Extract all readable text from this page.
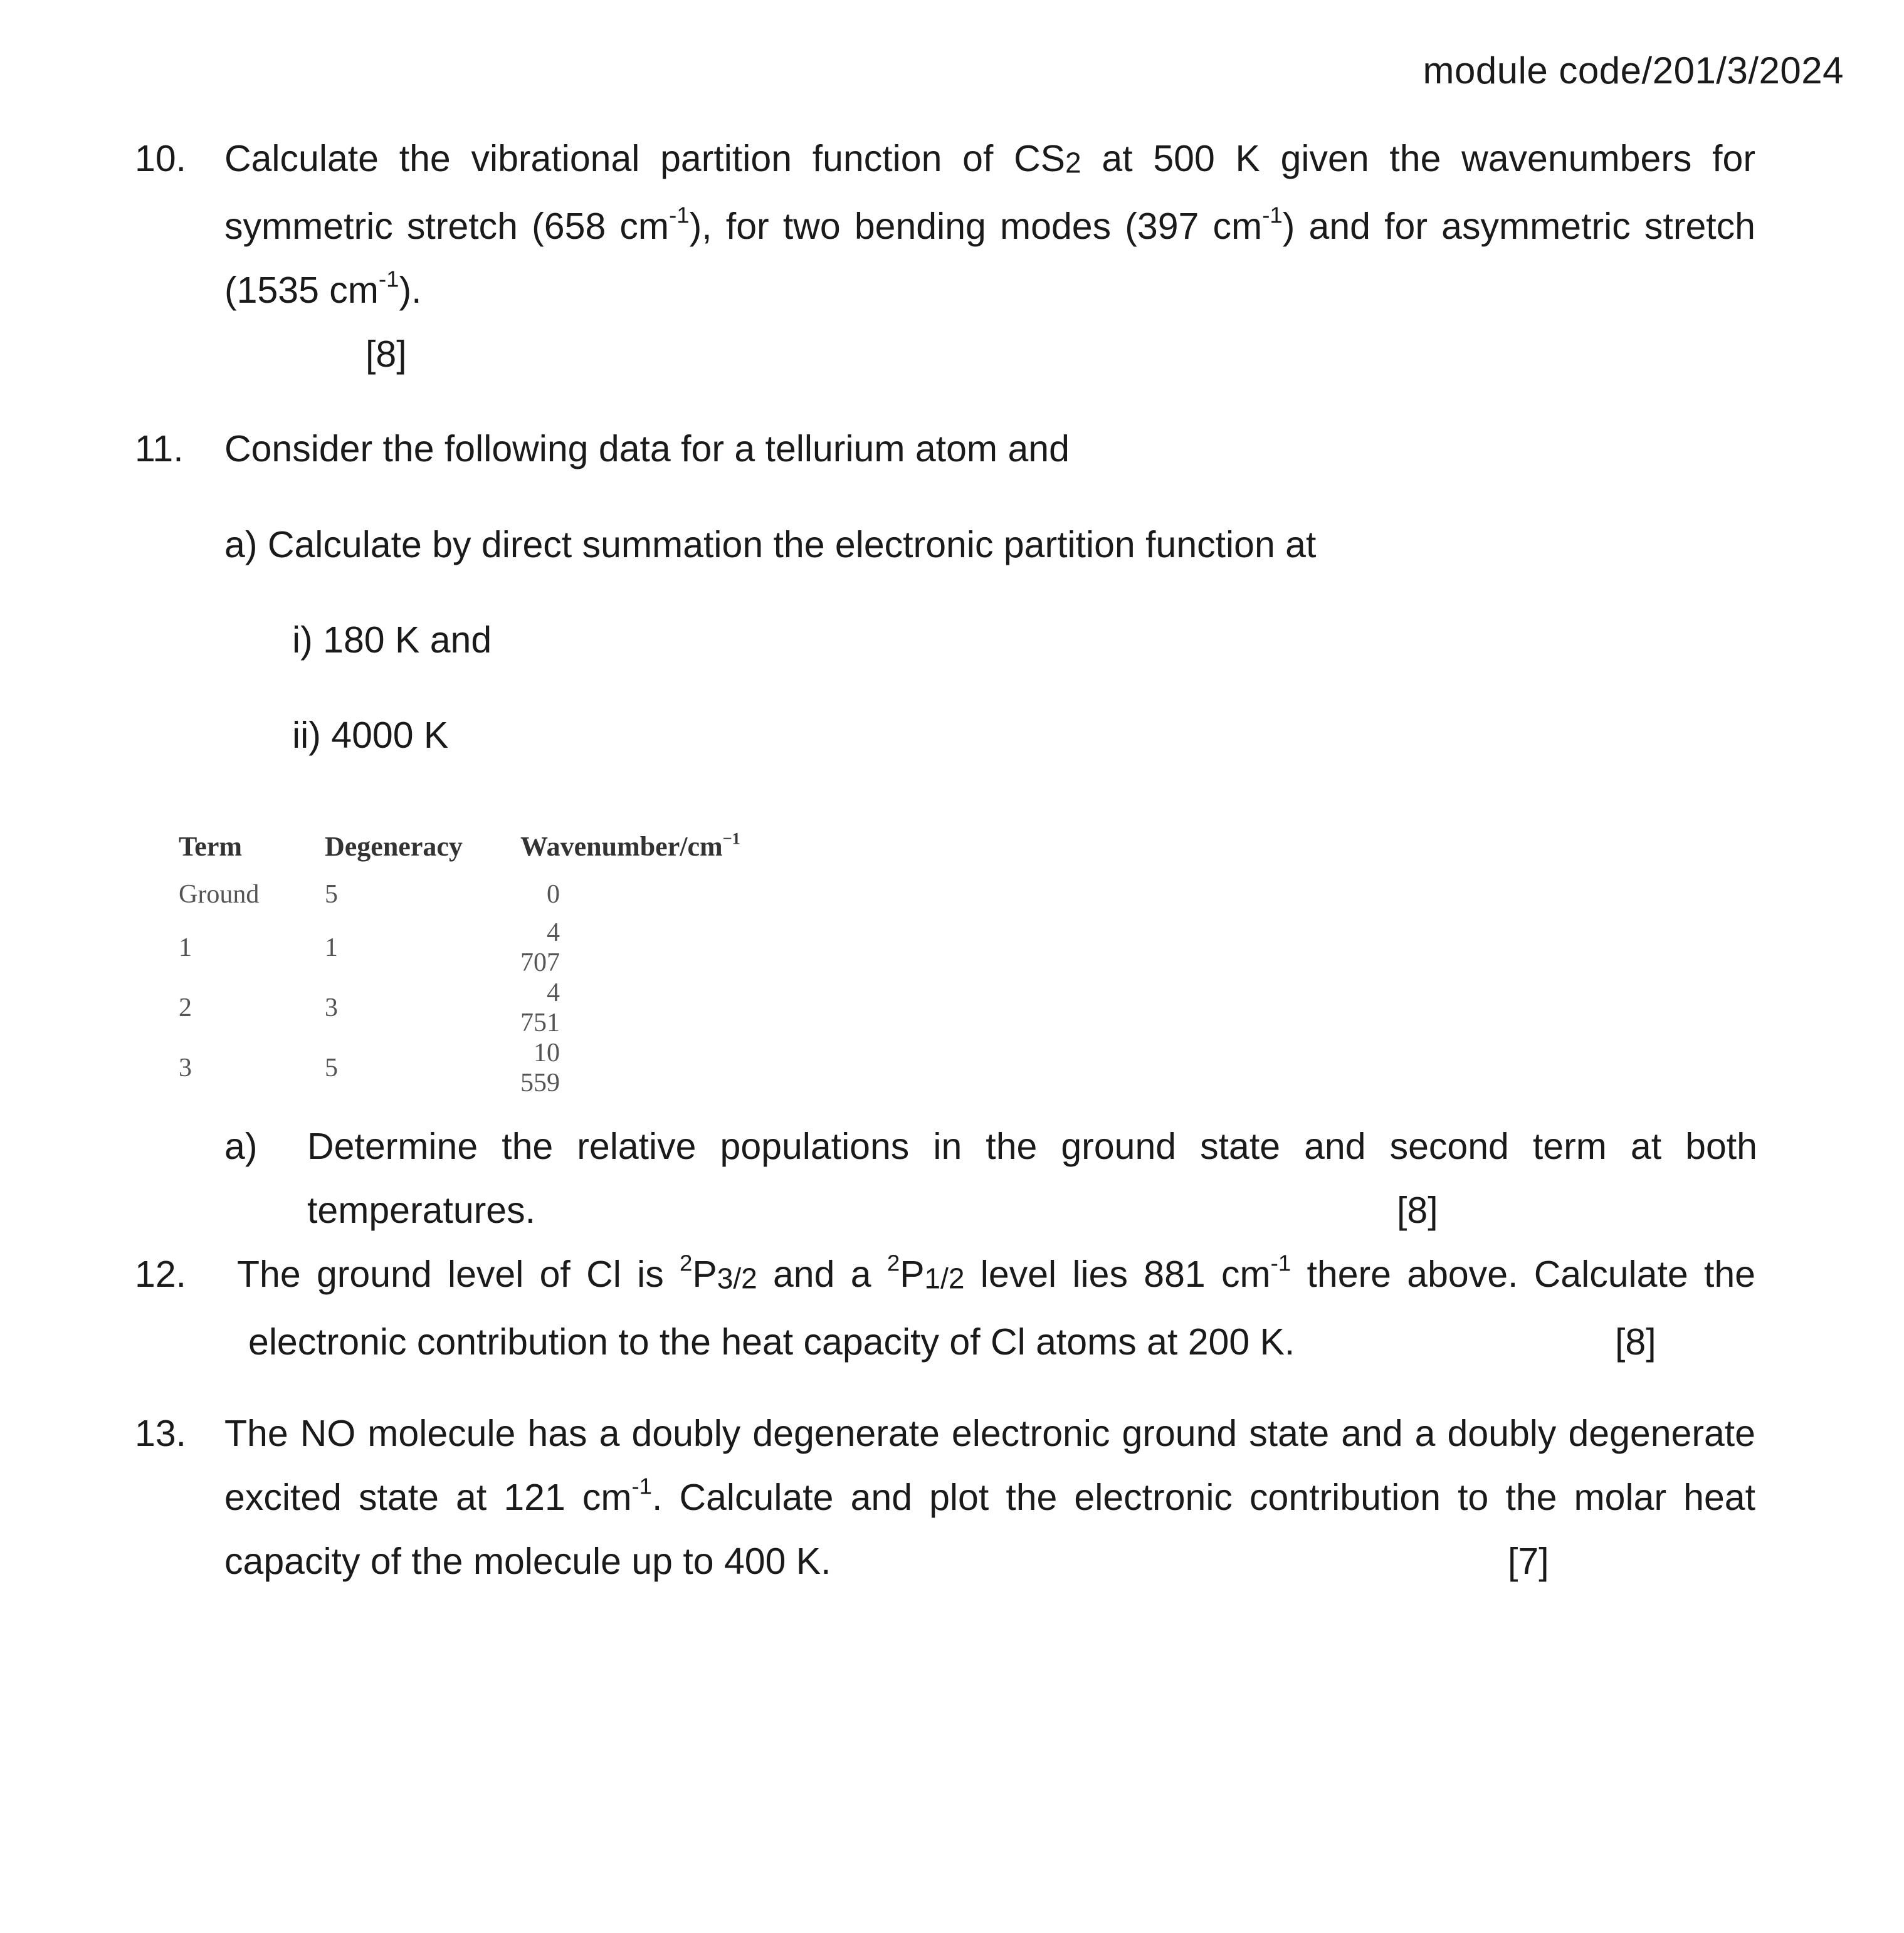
module code/201/3/2024
10. Calculate the vibrational partition function of CS2 at 500 K given the wavenumbers for
symmetric stretch (658 $cm^{-1}$), for two bending modes (397 $cm^{-1}$) and for asymmetric stretch
(1535 $cm^{-1}$).
[8]
11. Consider the following data for a tellurium atom and
a) Calculate by direct summation the electronic partition function at
i) 180 K and
ii) 4000 K
Term	Degeneracy	Wavenumber/$cm^{-1}$
Ground	5	0
1	1	4 707
2	3	4 751
3	5	10 559
a) Determine the relative populations in the ground state and second term at both
temperatures.	[8]
12. The ground level of Cl is $^2$P3/2 and a $^2$P1/2 level lies 881 $cm^{-1}$ there above. Calculate the
electronic contribution to the heat capacity of Cl atoms at 200 K.	[8]
13. The NO molecule has a doubly degenerate electronic ground state and a doubly degenerate
excited state at 121 $cm^{-1}$. Calculate and plot the electronic contribution to the molar heat
capacity of the molecule up to 400 K.	[7]
